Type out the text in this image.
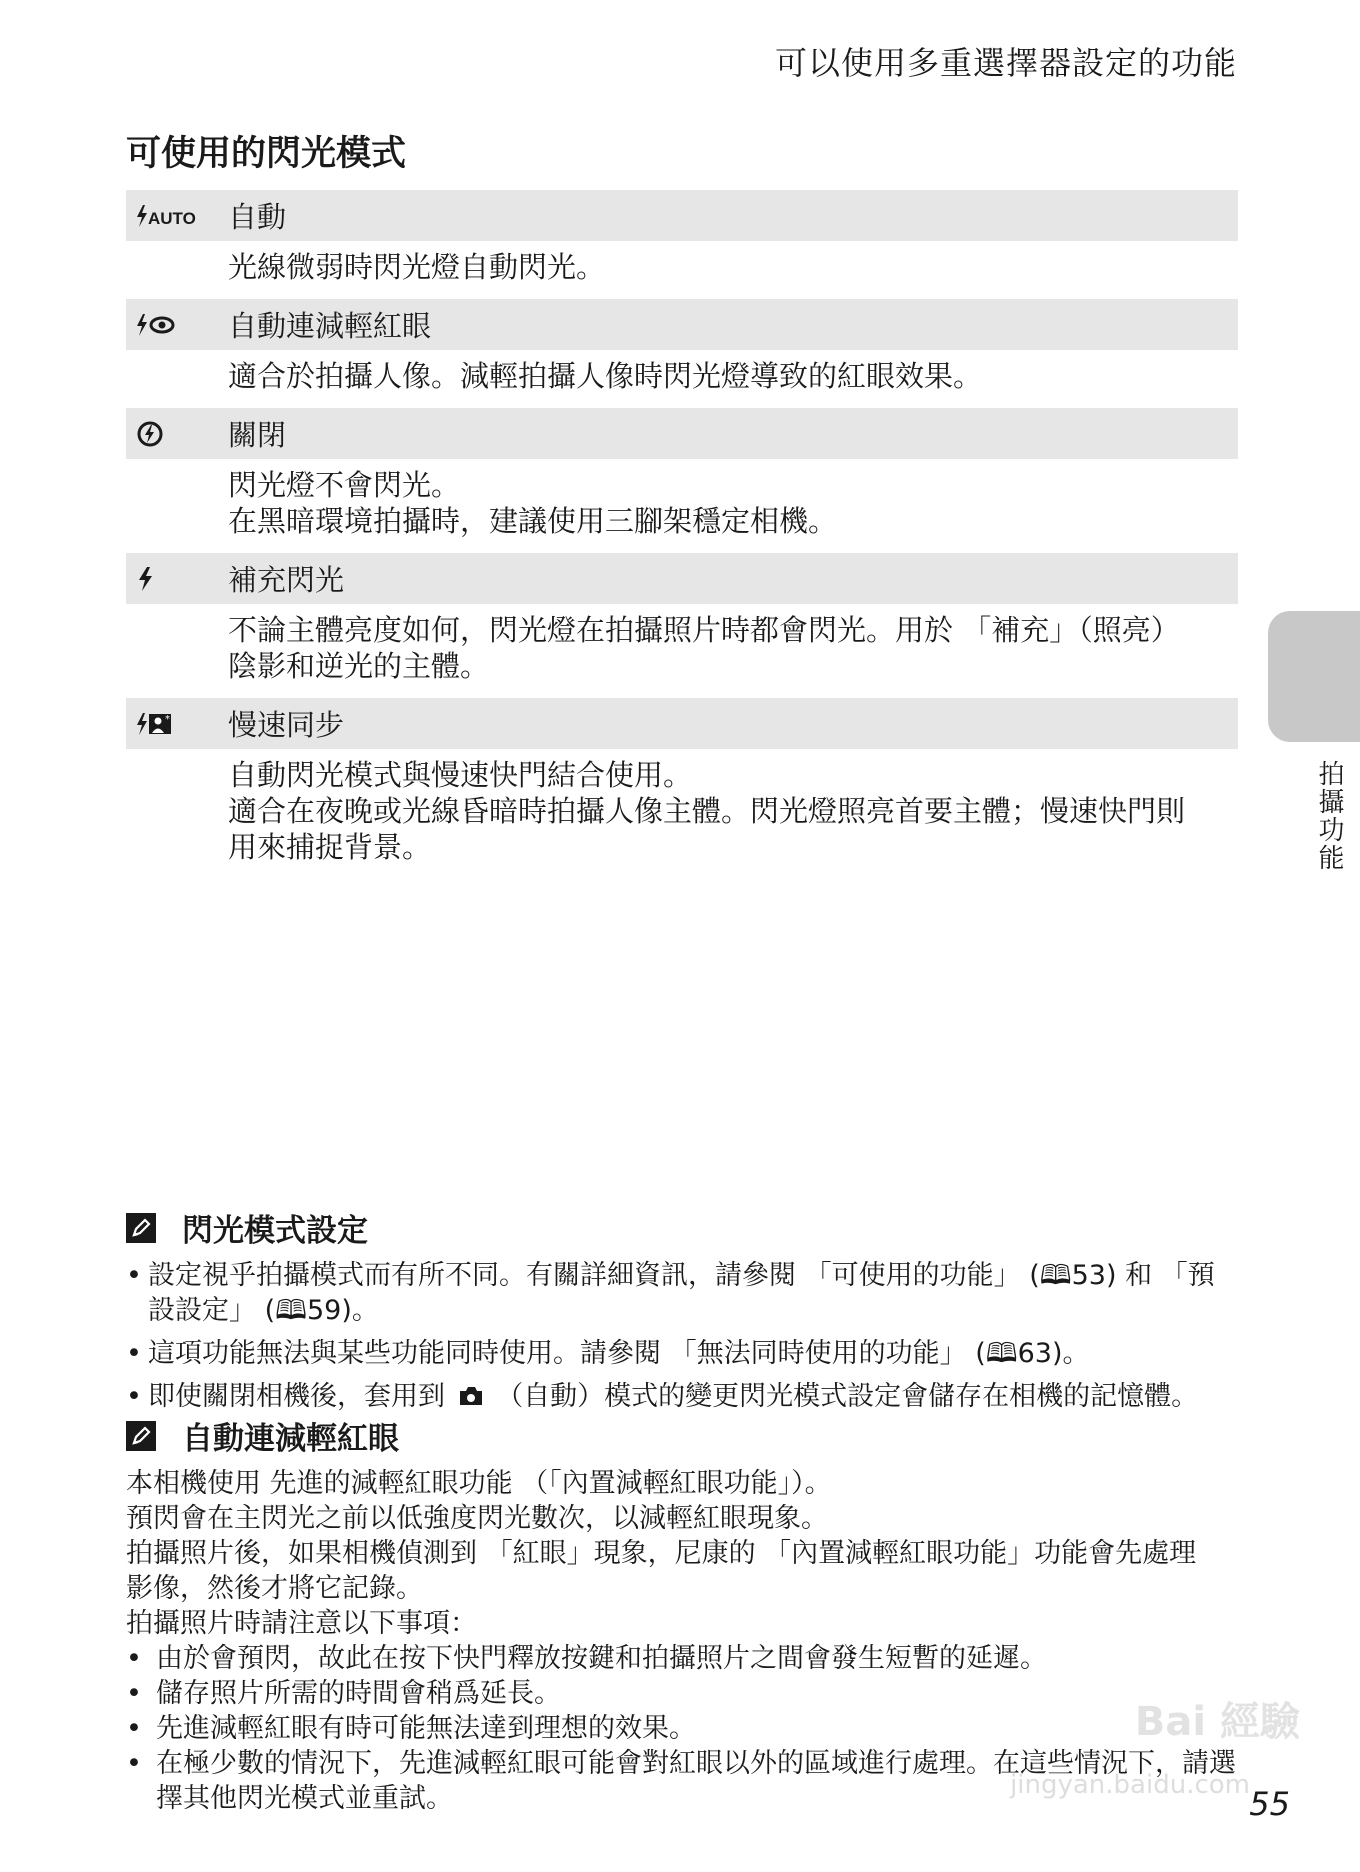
可以使用多重選擇器設定的功能
可使用的閃光模式
AUTO 自動
光線微弱時閃光燈自動閃光。
自動連減輕紅眼
適合於拍攝人像。減輕拍攝人像時閃光燈導致的紅眼效果。
關閉
閃光燈不會閃光。
在黑暗環境拍攝時，建議使用三腳架穩定相機。
補充閃光
不論主體亮度如何，閃光燈在拍攝照片時都會閃光。用於 「補充」（照亮）
陰影和逆光的主體。
* 慢速同步
自動閃光模式與慢速快門結合使用。
適合在夜晚或光線昏暗時拍攝人像主體。閃光燈照亮首要主體；慢速快門則
用來捕捉背景。	拍攝功能
閃光模式設定
• 設定視乎拍攝模式而有所不同。有關詳細資訊，請參閱 「可使用的功能」 (🕮53) 和 「預
設設定」 (🕮59)。
• 這項功能無法與某些功能同時使用。請參閱 「無法同時使用的功能」 (🕮63)。
• 即使關閉相機後，套用到 （自動）模式的變更閃光模式設定會儲存在相機的記憶體。
自動連減輕紅眼

本相機使用 先進的減輕紅眼功能 （「內置減輕紅眼功能」）。

預閃會在主閃光之前以低強度閃光數次，以減輕紅眼現象。

拍攝照片後，如果相機偵測到 「紅眼」現象，尼康的 「內置減輕紅眼功能」功能會先處理

影像，然後才將它記錄。

拍攝照片時請注意以下事項：

• 由於會預閃，故此在按下快門釋放按鍵和拍攝照片之間會發生短暫的延遲。
• 儲存照片所需的時間會稍爲延長。
• 先進減輕紅眼有時可能無法達到理想的效果。
• 在極少數的情況下，先進減輕紅眼可能會對紅眼以外的區域進行處理。在這些情況下，請選擇其他閃光模式並重試。
Bai 經驗
jingyan.baidu.com 55
